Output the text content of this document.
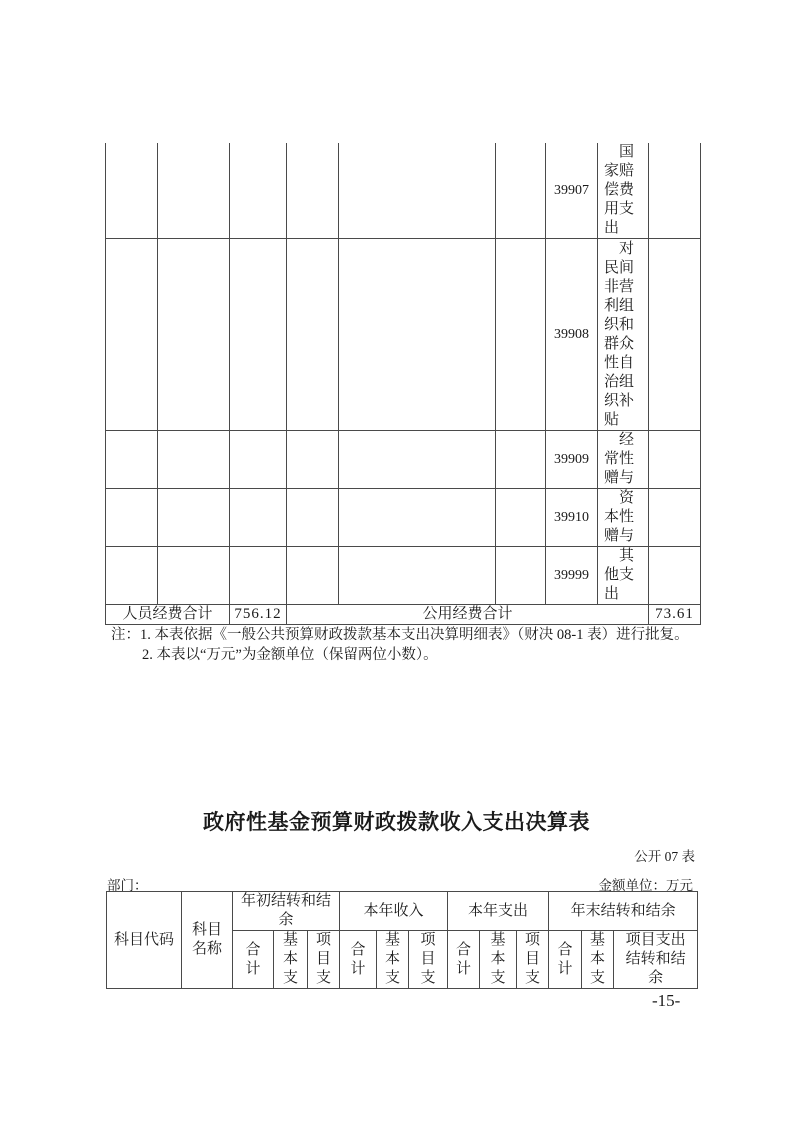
						39907	国家赔偿费用支出	

						39908	对民间非营利组织和群众性自治组织补贴	

						39909	经常性赠与	

						39910	资本性赠与	

						39999	其他支出	

人员经费合计		756.12	公用经费合计					73.61
注：1. 本表依据《一般公共预算财政拨款基本支出决算明细表》（财决 08-1 表）进行批复。
2. 本表以“万元”为金额单位（保留两位小数）。
政府性基金预算财政拨款收入支出决算表
公开 07 表
部门：	金额单位：万元
科目代码	科目名称	年初结转和结余			本年收入			本年支出			年末结转和结余		

		合计	基本支	项目支	合计	基本支	项目支	合计	基本支	项目支	合计	基本支	项目支出结转和结余
-15-
